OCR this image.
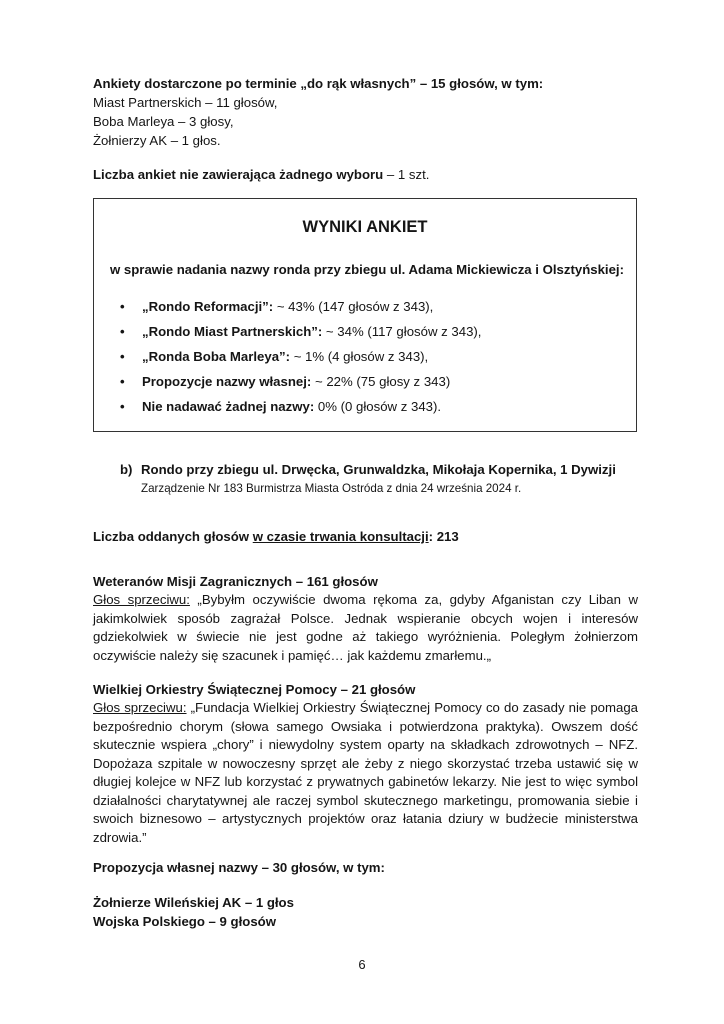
Ankiety dostarczone po terminie „do rąk własnych” – 15 głosów, w tym:
Miast Partnerskich – 11 głosów,
Boba Marleya – 3 głosy,
Żołnierzy AK – 1 głos.
Liczba ankiet nie zawierająca żadnego wyboru – 1 szt.
WYNIKI ANKIET
w sprawie nadania nazwy ronda przy zbiegu ul. Adama Mickiewicza i Olsztyńskiej:
• „Rondo Reformacji”: ~ 43% (147 głosów z 343),
• „Rondo Miast Partnerskich”: ~ 34% (117 głosów z 343),
• „Ronda Boba Marleya”: ~ 1% (4 głosów z 343),
• Propozycje nazwy własnej: ~ 22% (75 głosy z 343)
• Nie nadawać żadnej nazwy: 0% (0 głosów z 343).
b) Rondo przy zbiegu ul. Drwęcka, Grunwaldzka, Mikołaja Kopernika, 1 Dywizji
Zarządzenie Nr 183 Burmistrza Miasta Ostróda z dnia 24 września 2024 r.
Liczba oddanych głosów w czasie trwania konsultacji: 213
Weteranów Misji Zagranicznych – 161 głosów
Głos sprzeciwu: „Bybyłm oczywiście dwoma rękoma za, gdyby Afganistan czy Liban w jakimkolwiek sposób zagrażał Polsce. Jednak wspieranie obcych wojen i interesów gdziekolwiek w świecie nie jest godne aż takiego wyróżnienia. Poległym żołnierzom oczywiście należy się szacunek i pamięć… jak każdemu zmarłemu.„
Wielkiej Orkiestry Świątecznej Pomocy – 21 głosów
Głos sprzeciwu: „Fundacja Wielkiej Orkiestry Świątecznej Pomocy co do zasady nie pomaga bezpośrednio chorym (słowa samego Owsiaka i potwierdzona praktyka). Owszem dość skutecznie wspiera „chory” i niewydolny system oparty na składkach zdrowotnych – NFZ. Dopożaza szpitale w nowoczesny sprzęt ale żeby z niego skorzystać trzeba ustawić się w długiej kolejce w NFZ lub korzystać z prywatnych gabinetów lekarzy. Nie jest to więc symbol działalności charytatywnej ale raczej symbol skutecznego marketingu, promowania siebie i swoich biznesowo – artystycznych projektów oraz łatania dziury w budżecie ministerstwa zdrowia.”
Propozycja własnej nazwy – 30 głosów, w tym:
Żołnierze Wileńskiej AK – 1 głos
Wojska Polskiego – 9 głosów
6
